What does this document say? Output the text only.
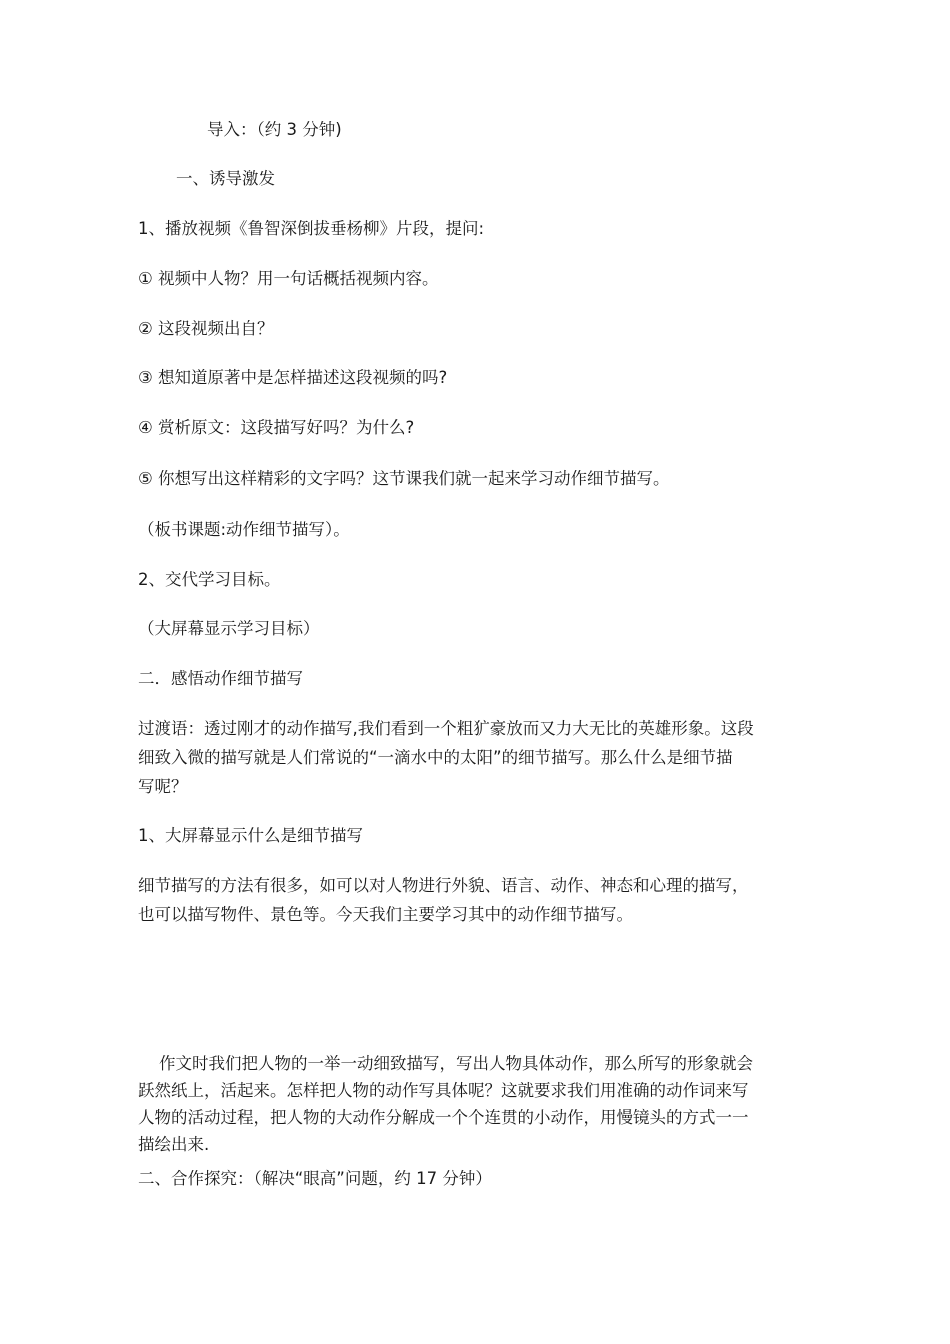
导入：（约 3 分钟)

一、诱导激发

1、播放视频《鲁智深倒拔垂杨柳》片段，提问:

① 视频中人物？用一句话概括视频内容。

② 这段视频出自？

③ 想知道原著中是怎样描述这段视频的吗?

④ 赏析原文：这段描写好吗？为什么?

⑤ 你想写出这样精彩的文字吗？这节课我们就一起来学习动作细节描写。

（板书课题:动作细节描写）。

2、交代学习目标。

（大屏幕显示学习目标）

二．感悟动作细节描写

过渡语：透过刚才的动作描写,我们看到一个粗犷豪放而又力大无比的英雄形象。这段
细致入微的描写就是人们常说的“一滴水中的太阳”的细节描写。那么什么是细节描
写呢？

1、大屏幕显示什么是细节描写

细节描写的方法有很多，如可以对人物进行外貌、语言、动作、神态和心理的描写，
也可以描写物件、景色等。今天我们主要学习其中的动作细节描写。
作文时我们把人物的一举一动细致描写，写出人物具体动作，那么所写的形象就会
跃然纸上，活起来。怎样把人物的动作写具体呢？这就要求我们用准确的动作词来写
人物的活动过程，把人物的大动作分解成一个个连贯的小动作，用慢镜头的方式一一
描绘出来.

二、合作探究：（解决“眼高”问题，约 17 分钟）
